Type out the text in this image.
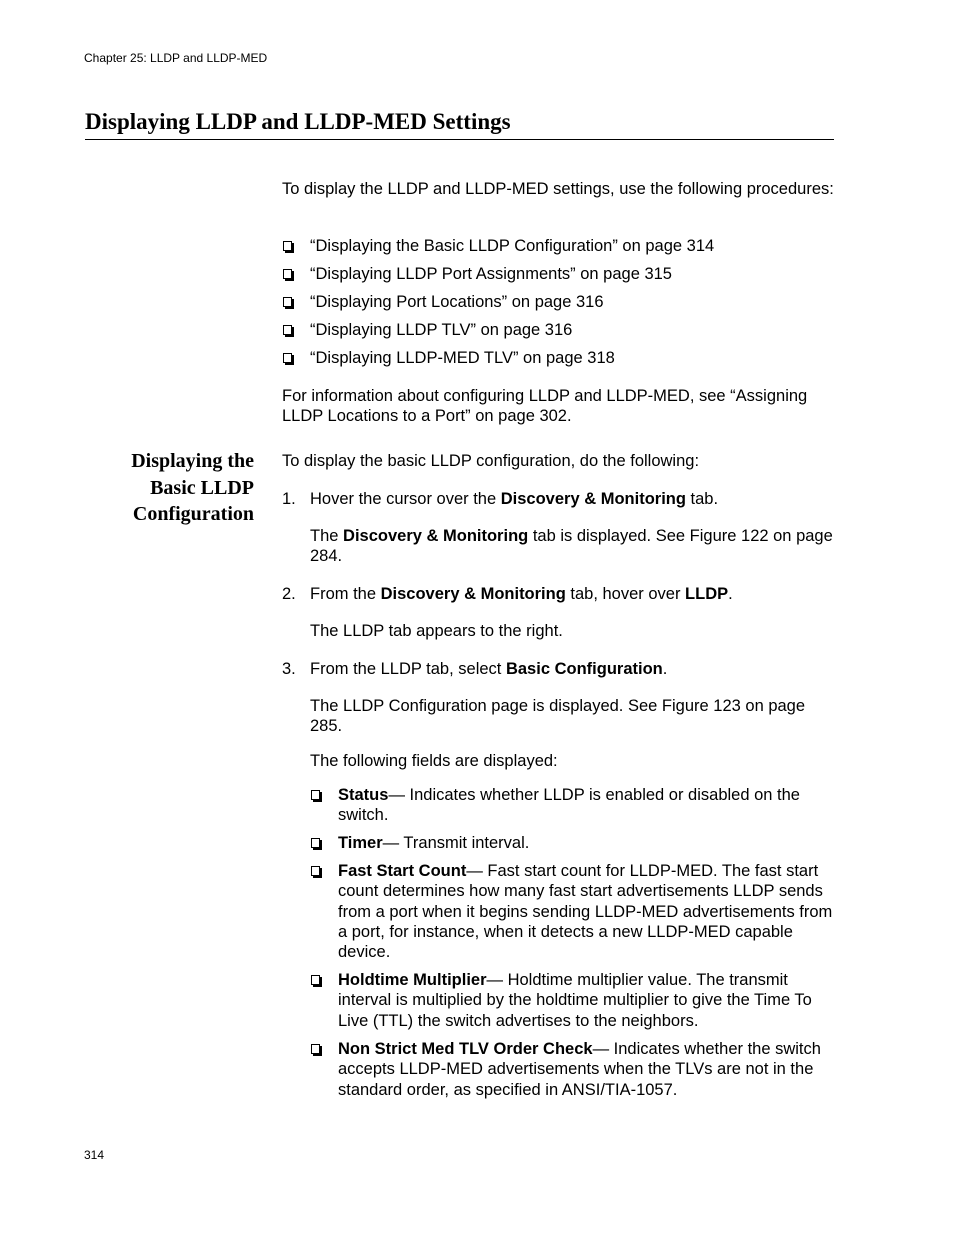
Chapter 25: LLDP and LLDP-MED
Displaying LLDP and LLDP-MED Settings

To display the LLDP and LLDP-MED settings, use the following procedures:

“Displaying the Basic LLDP Configuration” on page 314

“Displaying LLDP Port Assignments” on page 315

“Displaying Port Locations” on page 316

“Displaying LLDP TLV” on page 316

“Displaying LLDP-MED TLV” on page 318

For information about configuring LLDP and LLDP-MED, see “Assigning LLDP Locations to a Port” on page 302.

Displaying the
Basic LLDP
Configuration

To display the basic LLDP configuration, do the following:

1. Hover the cursor over the Discovery & Monitoring tab.

The Discovery & Monitoring tab is displayed. See Figure 122 on page 284.

2. From the Discovery & Monitoring tab, hover over LLDP.

The LLDP tab appears to the right.

3. From the LLDP tab, select Basic Configuration.

The LLDP Configuration page is displayed. See Figure 123 on page 285.

The following fields are displayed:

Status— Indicates whether LLDP is enabled or disabled on the switch.

Timer— Transmit interval.

Fast Start Count— Fast start count for LLDP-MED. The fast start count determines how many fast start advertisements LLDP sends from a port when it begins sending LLDP-MED advertisements from a port, for instance, when it detects a new LLDP-MED capable device.

Holdtime Multiplier— Holdtime multiplier value. The transmit interval is multiplied by the holdtime multiplier to give the Time To Live (TTL) the switch advertises to the neighbors.

Non Strict Med TLV Order Check— Indicates whether the switch accepts LLDP-MED advertisements when the TLVs are not in the standard order, as specified in ANSI/TIA-1057.

314
